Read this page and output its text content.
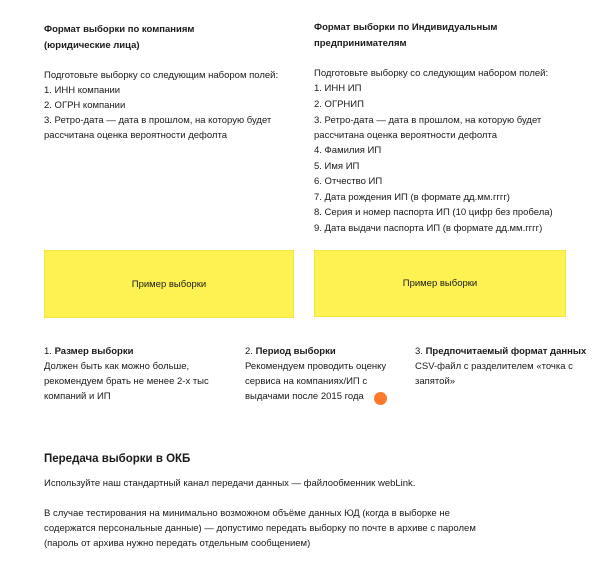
Формат выборки по компаниям
(юридические лица)

Подготовьте выборку со следующим набором полей:

1. ИНН компании
2. ОГРН компании
3. Ретро-дата — дата в прошлом, на которую будет рассчитана оценка вероятности дефолта

Формат выборки по Индивидуальным предпринимателям

Подготовьте выборку со следующим набором полей:

1. ИНН ИП
2. ОГРНИП
3. Ретро-дата — дата в прошлом, на которую будет рассчитана оценка вероятности дефолта
4. Фамилия ИП
5. Имя ИП
6. Отчество ИП
7. Дата рождения ИП (в формате дд.мм.гггг)
8. Серия и номер паспорта ИП (10 цифр без пробела)
9. Дата выдачи паспорта ИП (в формате дд.мм.гггг)
Пример выборки	Пример выборки

1. Размер выборки

Должен быть как можно больше, рекомендуем брать не менее 2-х тыс компаний и ИП

2. Период выборки

Рекомендуем проводить оценку сервиса на компаниях/ИП с выдачами после 2015 года

3. Предпочитаемый формат данных

CSV-файл с разделителем «точка с запятой»

Передача выборки в ОКБ

Используйте наш стандартный канал передачи данных — файлообменник webLink.

В случае тестирования на минимально возможном объёме данных ЮД (когда в выборке не содержатся персональные данные) — допустимо передать выборку по почте в архиве с паролем (пароль от архива нужно передать отдельным сообщением)
